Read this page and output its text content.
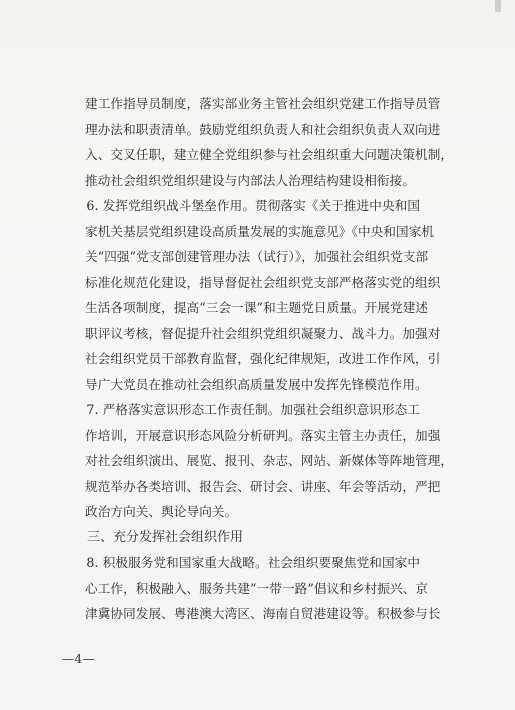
建工作指导员制度，落实部业务主管社会组织党建工作指导员管
理办法和职责清单。鼓励党组织负责人和社会组织负责人双向进
入、交叉任职，建立健全党组织参与社会组织重大问题决策机制，
推动社会组织党组织建设与内部法人治理结构建设相衔接。
　　6. 发挥党组织战斗堡垒作用。贯彻落实《关于推进中央和国
家机关基层党组织建设高质量发展的实施意见》《中央和国家机
关“四强”党支部创建管理办法（试行）》，加强社会组织党支部
标准化规范化建设，指导督促社会组织党支部严格落实党的组织
生活各项制度，提高“三会一课”和主题党日质量。开展党建述
职评议考核，督促提升社会组织党组织凝聚力、战斗力。加强对
社会组织党员干部教育监督，强化纪律规矩，改进工作作风，引
导广大党员在推动社会组织高质量发展中发挥先锋模范作用。
　　7. 严格落实意识形态工作责任制。加强社会组织意识形态工
作培训，开展意识形态风险分析研判。落实主管主办责任，加强
对社会组织演出、展览、报刊、杂志、网站、新媒体等阵地管理，
规范举办各类培训、报告会、研讨会、讲座、年会等活动，严把
政治方向关、舆论导向关。
　　三、充分发挥社会组织作用
　　8. 积极服务党和国家重大战略。社会组织要聚焦党和国家中
心工作，积极融入、服务共建“一带一路”倡议和乡村振兴、京
津冀协同发展、粤港澳大湾区、海南自贸港建设等。积极参与长
—4—
